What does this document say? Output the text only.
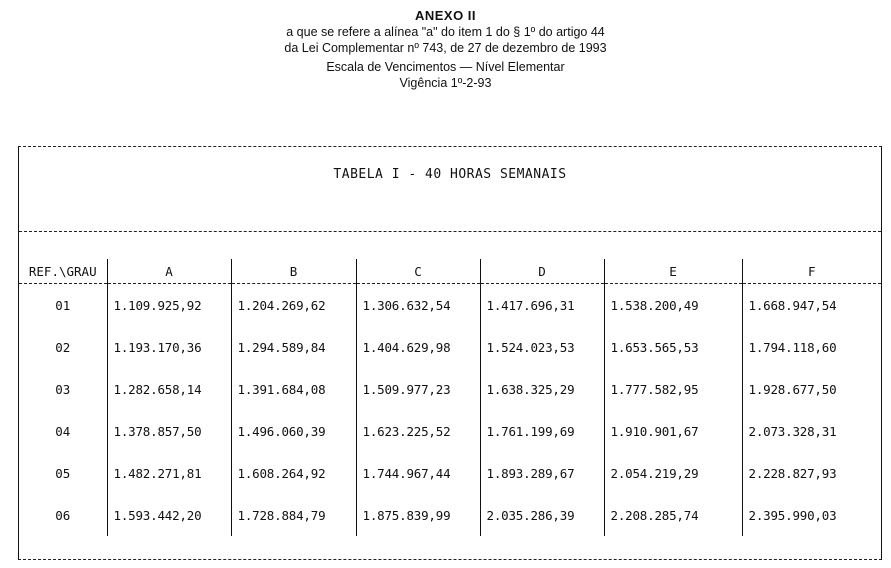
ANEXO II
a que se refere a alínea "a" do item 1 do § 1º do artigo 44
da Lei Complementar nº 743, de 27 de dezembro de 1993
Escala de Vencimentos — Nível Elementar
Vigência 1º-2-93
TABELA I - 40 HORAS SEMANAIS
REF.\GRAU	A	B	C	D	E	F
01	1.109.925,92	1.204.269,62	1.306.632,54	1.417.696,31	1.538.200,49	1.668.947,54
02	1.193.170,36	1.294.589,84	1.404.629,98	1.524.023,53	1.653.565,53	1.794.118,60
03	1.282.658,14	1.391.684,08	1.509.977,23	1.638.325,29	1.777.582,95	1.928.677,50
04	1.378.857,50	1.496.060,39	1.623.225,52	1.761.199,69	1.910.901,67	2.073.328,31
05	1.482.271,81	1.608.264,92	1.744.967,44	1.893.289,67	2.054.219,29	2.228.827,93
06	1.593.442,20	1.728.884,79	1.875.839,99	2.035.286,39	2.208.285,74	2.395.990,03
